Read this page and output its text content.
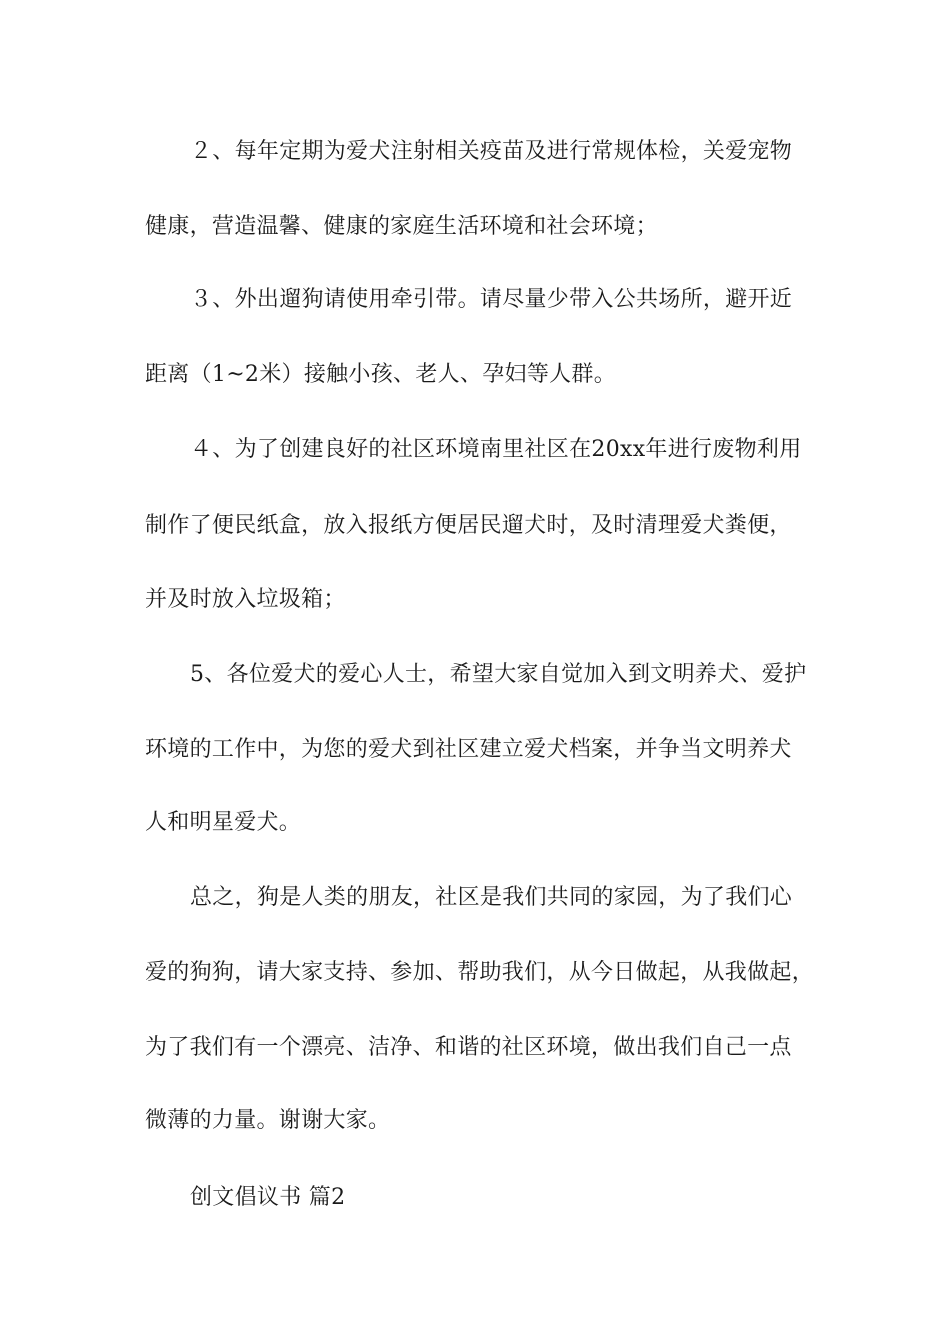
２、每年定期为爱犬注射相关疫苗及进行常规体检，关爱宠物
健康，营造温馨、健康的家庭生活环境和社会环境；
３、外出遛狗请使用牵引带。请尽量少带入公共场所，避开近
距离（1~2米）接触小孩、老人、孕妇等人群。
４、为了创建良好的社区环境南里社区在20xx年进行废物利用
制作了便民纸盒，放入报纸方便居民遛犬时，及时清理爱犬粪便，
并及时放入垃圾箱；
5、各位爱犬的爱心人士，希望大家自觉加入到文明养犬、爱护
环境的工作中，为您的爱犬到社区建立爱犬档案，并争当文明养犬
人和明星爱犬。
总之，狗是人类的朋友，社区是我们共同的家园，为了我们心
爱的狗狗，请大家支持、参加、帮助我们，从今日做起，从我做起，
为了我们有一个漂亮、洁净、和谐的社区环境，做出我们自己一点
微薄的力量。谢谢大家。
创文倡议书 篇2
